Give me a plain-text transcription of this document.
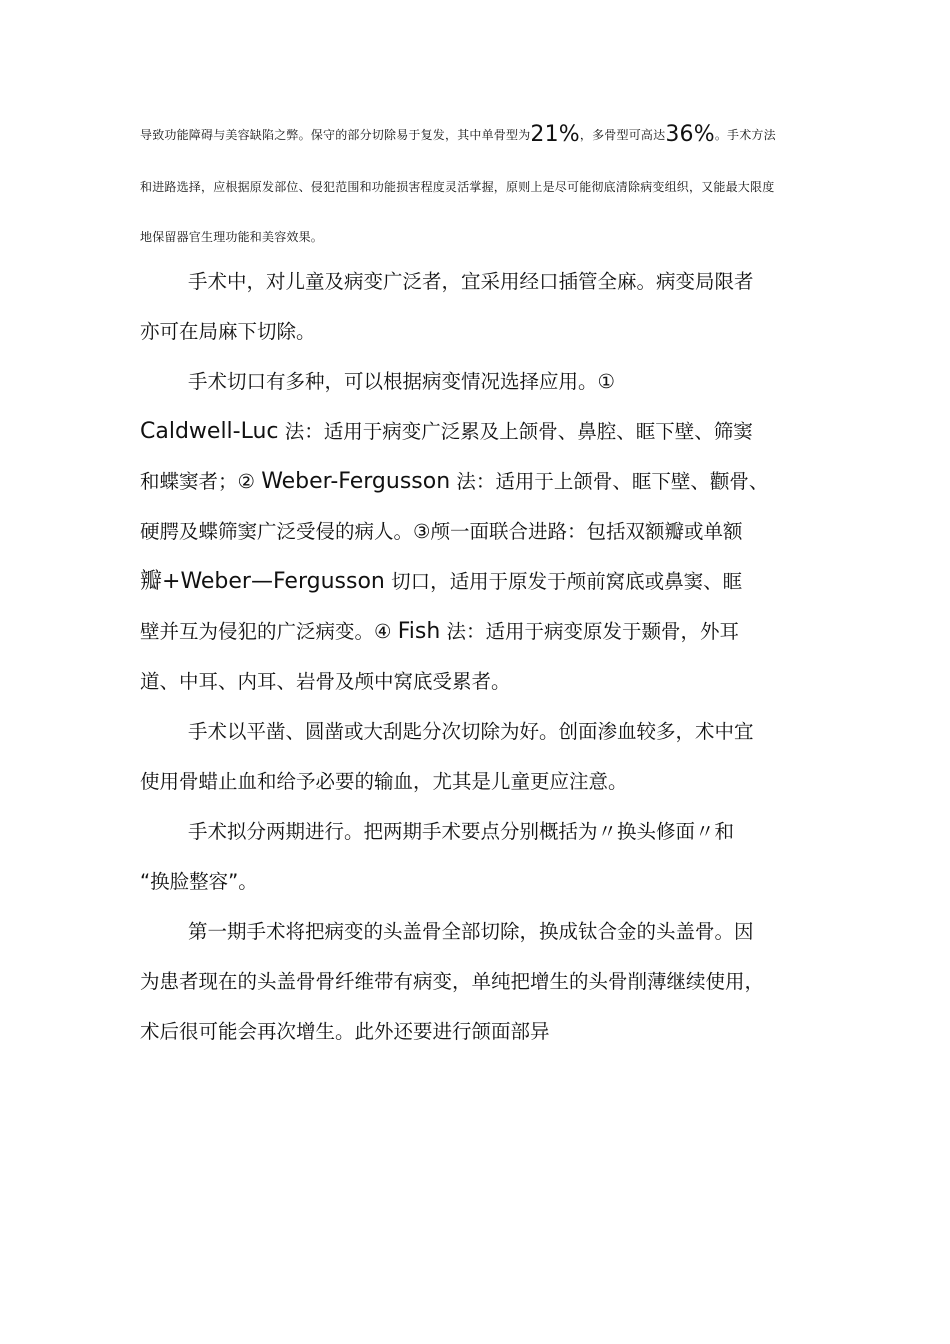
导致功能障碍与美容缺陷之弊。保守的部分切除易于复发，其中单骨型为21%，多骨型可高达36%。手术方法
和进路选择，应根据原发部位、侵犯范围和功能损害程度灵活掌握，原则上是尽可能彻底清除病变组织，又能最大限度
地保留器官生理功能和美容效果。
手术中，对儿童及病变广泛者，宜采用经口插管全麻。病变局限者
亦可在局麻下切除。
手术切口有多种，可以根据病变情况选择应用。①
Caldwell-Luc 法：适用于病变广泛累及上颌骨、鼻腔、眶下壁、筛窦
和蝶窦者；② Weber-Fergusson 法：适用于上颌骨、眶下壁、颧骨、
硬腭及蝶筛窦广泛受侵的病人。③颅一面联合进路：包括双额瓣或单额
瓣+Weber—Fergusson 切口，适用于原发于颅前窝底或鼻窦、眶
壁并互为侵犯的广泛病变。④ Fish 法：适用于病变原发于颞骨，外耳
道、中耳、内耳、岩骨及颅中窝底受累者。
手术以平凿、圆凿或大刮匙分次切除为好。创面渗血较多，术中宜
使用骨蜡止血和给予必要的输血，尤其是儿童更应注意。
手术拟分两期进行。把两期手术要点分别概括为〃换头修面〃和
“换脸整容”。
第一期手术将把病变的头盖骨全部切除，换成钛合金的头盖骨。因
为患者现在的头盖骨骨纤维带有病变，单纯把增生的头骨削薄继续使用，
术后很可能会再次增生。此外还要进行颌面部异
